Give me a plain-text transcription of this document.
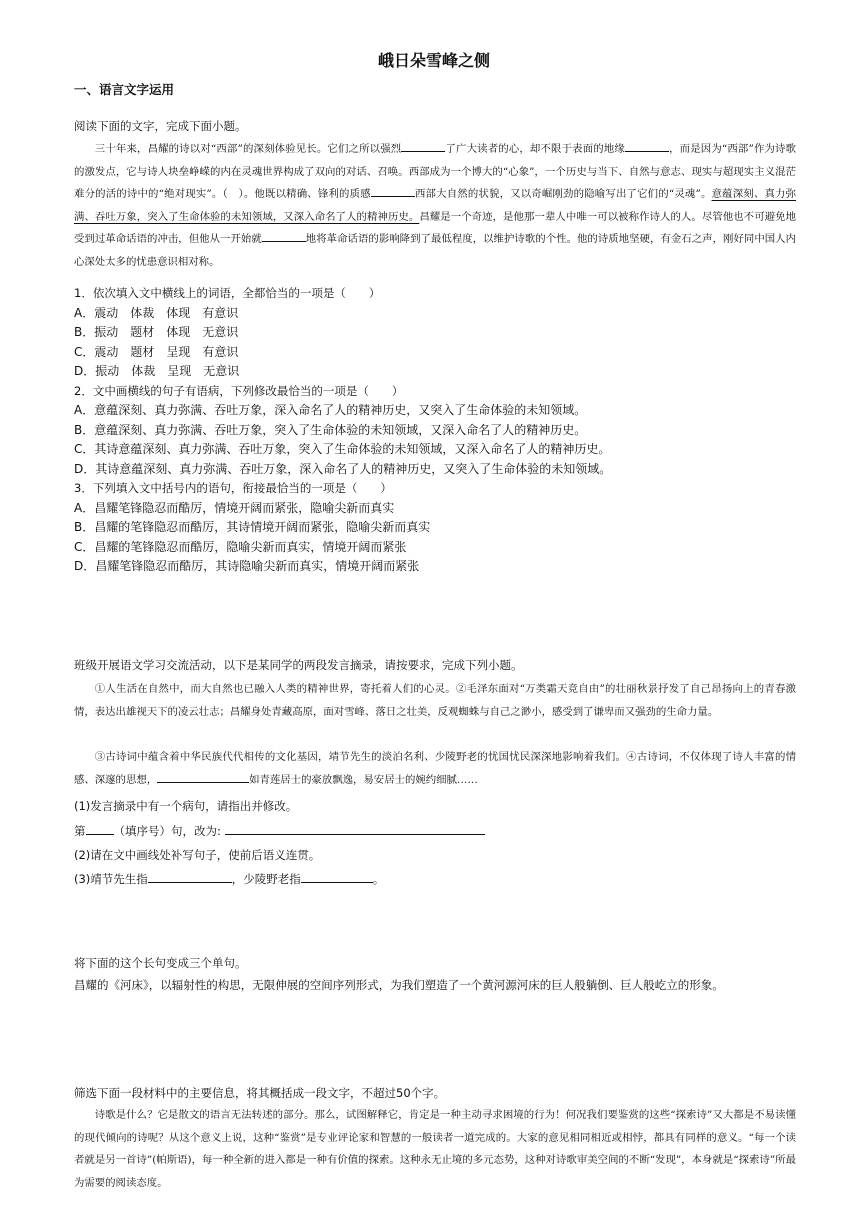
峨日朵雪峰之侧
一、语言文字运用
阅读下面的文字，完成下面小题。
三十年来，昌耀的诗以对“西部”的深刻体验见长。它们之所以强烈	了广大读者的心，却不限于表面的地缘	，而是因为“西部”作为诗歌的激发点，它与诗人块垒峥嵘的内在灵魂世界构成了双向的对话、召唤。西部成为一个博大的“心象”，一个历史与当下、自然与意志、现实与超现实主义混茫难分的活的诗中的“绝对现实”。（　）。他既以精确、锋利的质感	西部大自然的状貌，又以奇崛刚劲的隐喻写出了它们的“灵魂”。意蕴深刻、真力弥满、吞吐万象，突入了生命体验的未知领域，又深入命名了人的精神历史。昌耀是一个奇迹，是他那一辈人中唯一可以被称作诗人的人。尽管他也不可避免地受到过革命话语的冲击，但他从一开始就	地将革命话语的影响降到了最低程度，以维护诗歌的个性。他的诗质地坚硬，有金石之声，刚好同中国人内心深处太多的忧患意识相对称。

1．依次填入文中横线上的词语，全都恰当的一项是（　　）

A．震动　体裁　体现　有意识

B．振动　题材　体现　无意识

C．震动　题材　呈现　有意识

D．振动　体裁　呈现　无意识

2．文中画横线的句子有语病，下列修改最恰当的一项是（　　）

A．意蕴深刻、真力弥满、吞吐万象，深入命名了人的精神历史，又突入了生命体验的未知领域。

B．意蕴深刻、真力弥满、吞吐万象，突入了生命体验的未知领域，又深入命名了人的精神历史。

C．其诗意蕴深刻、真力弥满、吞吐万象，突入了生命体验的未知领域，又深入命名了人的精神历史。

D．其诗意蕴深刻、真力弥满、吞吐万象，深入命名了人的精神历史，又突入了生命体验的未知领域。

3．下列填入文中括号内的语句，衔接最恰当的一项是（　　）

A．昌耀笔锋隐忍而酷厉，情境开阔而紧张，隐喻尖新而真实

B．昌耀的笔锋隐忍而酷厉，其诗情境开阔而紧张，隐喻尖新而真实

C．昌耀的笔锋隐忍而酷厉，隐喻尖新而真实，情境开阔而紧张

D．昌耀笔锋隐忍而酷厉，其诗隐喻尖新而真实，情境开阔而紧张

班级开展语文学习交流活动，以下是某同学的两段发言摘录，请按要求，完成下列小题。
①人生活在自然中，而大自然也已融入人类的精神世界，寄托着人们的心灵。②毛泽东面对“万类霜天竞自由”的壮丽秋景抒发了自己昂扬向上的青春激情，表达出雄视天下的凌云壮志；昌耀身处青藏高原，面对雪峰、落日之壮美，反观蜘蛛与自己之渺小，感受到了谦卑而又强劲的生命力量。
③古诗词中蕴含着中华民族代代相传的文化基因，靖节先生的淡泊名利、少陵野老的忧国忧民深深地影响着我们。④古诗词，不仅体现了诗人丰富的情感、深邃的思想，	如青莲居士的豪放飘逸，易安居士的婉约细腻……
(1)发言摘录中有一个病句，请指出并修改。
第 （填序号）句，改为:
(2)请在文中画线处补写句子，使前后语义连贯。
(3)靖节先生指	，少陵野老指	。
将下面的这个长句变成三个单句。
昌耀的《河床》，以辐射性的构思，无限伸展的空间序列形式，为我们塑造了一个黄河源河床的巨人般躺倒、巨人般屹立的形象。
筛选下面一段材料中的主要信息，将其概括成一段文字，不超过50个字。
诗歌是什么？它是散文的语言无法转述的部分。那么，试图解释它，肯定是一种主动寻求困境的行为！何况我们要鉴赏的这些“探索诗”又大都是不易读懂的现代倾向的诗呢？从这个意义上说，这种“鉴赏”是专业评论家和智慧的一般读者一道完成的。大家的意见相同相近或相悖，都具有同样的意义。“每一个读者就是另一首诗”(帕斯语)，每一种全新的进入都是一种有价值的探索。这种永无止境的多元态势，这种对诗歌审美空间的不断“发现”，本身就是“探索诗”所最为需要的阅读态度。
